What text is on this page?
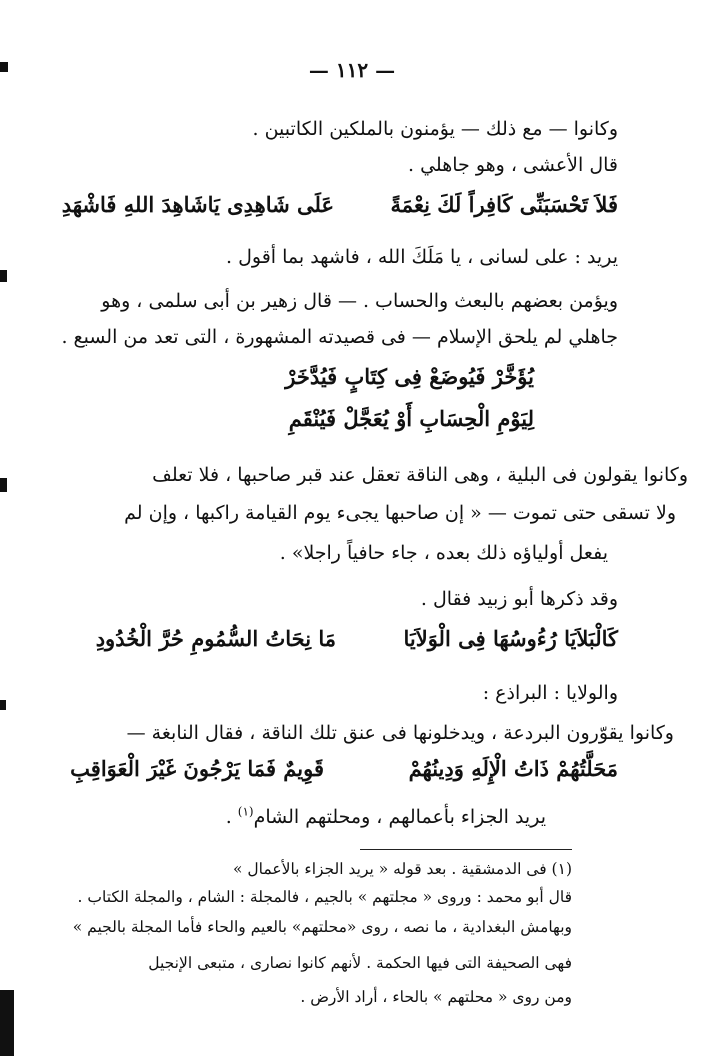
— ١١٢ —
وكانوا — مع ذلك — يؤمنون بالملكين الكاتبين .
قال الأعشى ، وهو جاهلي .
فَلاَ تَحْسَبَنِّى كَافِراً لَكَ نِعْمَةً
عَلَى شَاهِدِى يَاشَاهِدَ اللهِ فَاشْهَدِ
يريد : على لسانى ، يا مَلَكَ الله ، فاشهد بما أقول .
ويؤمن بعضهم بالبعث والحساب . — قال زهير بن أبى سلمى ، وهو
جاهلي لم يلحق الإسلام — فى قصيدته المشهورة ، التى تعد من السبع .
يُؤَخَّرْ فَيُوضَعْ فِى كِتَابٍ فَيُدَّخَرْ
لِيَوْمِ الْحِسَابِ أَوْ يُعَجَّلْ فَيُنْقَمِ
وكانوا يقولون فى البلية ، وهى الناقة تعقل عند قبر صاحبها ، فلا تعلف
ولا تسقى حتى تموت — « إن صاحبها يجىء يوم القيامة راكبها ، وإن لم
يفعل أولياؤه ذلك بعده ، جاء حافياً راجلا» .
وقد ذكرها أبو زبيد فقال .
كَالْبَلاَيَا رُءُوسُهَا فِى الْوَلاَيَا
مَا نِحَاتُ السُّمُومِ حُرَّ الْخُدُودِ
والولايا : البراذع :
وكانوا يقوّرون البردعة ، ويدخلونها فى عنق تلك الناقة ، فقال النابغة —
مَحَلَّتُهُمْ ذَاتُ الْإِلَهِ وَدِينُهُمْ
قَوِيمٌ فَمَا يَرْجُونَ غَيْرَ الْعَوَاقِبِ
يريد الجزاء بأعمالهم ، ومحلتهم الشام$^{(١)}$ .
(١) فى الدمشقية . بعد قوله « يريد الجزاء بالأعمال »
قال أبو محمد : وروى « مجلتهم » بالجيم ، فالمجلة : الشام ، والمجلة الكتاب .
وبهامش البغدادية ، ما نصه ، روى «محلتهم» بالعيم والحاء فأما المجلة بالجيم »
فهى الصحيفة التى فيها الحكمة . لأنهم كانوا نصارى ، متبعى الإنجيل
ومن روى « محلتهم » بالحاء ، أراد الأرض .
